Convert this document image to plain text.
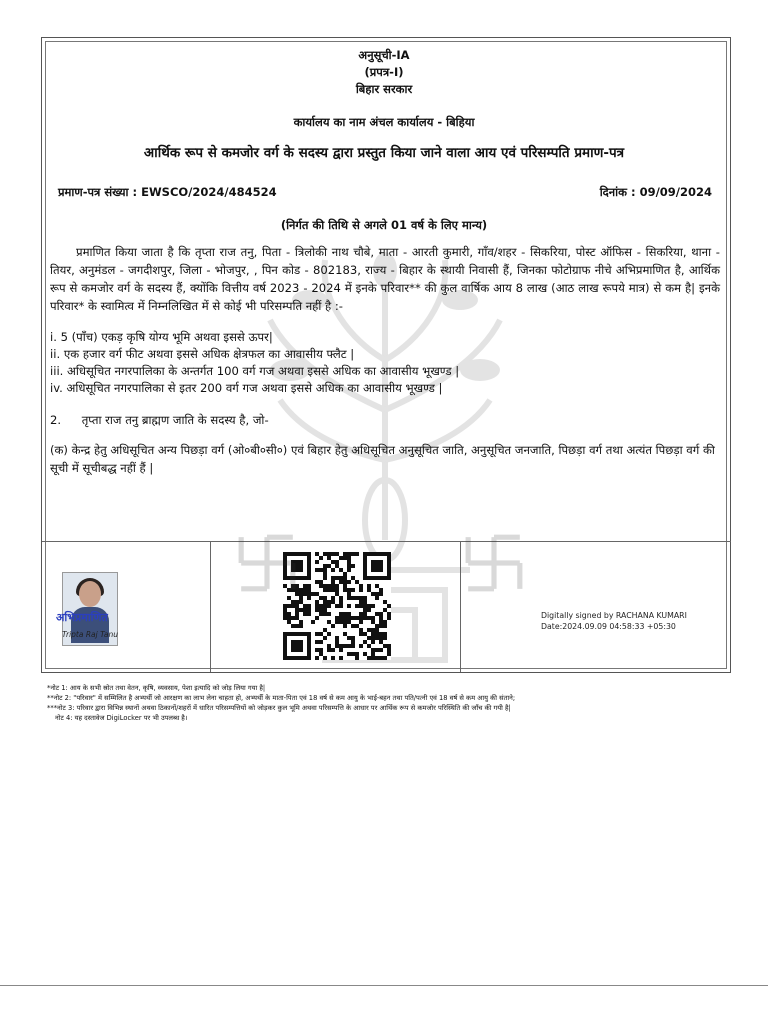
अनुसूची-IA
(प्रपत्र-I)
बिहार सरकार
कार्यालय का नाम अंचल कार्यालय - बिहिया
आर्थिक रूप से कमजोर वर्ग के सदस्य द्वारा प्रस्तुत किया जाने वाला आय एवं परिसम्पति प्रमाण-पत्र
प्रमाण-पत्र संख्या : EWSCO/2024/484524	दिनांक : 09/09/2024
(निर्गत की तिथि से अगले 01 वर्ष के लिए मान्य)
प्रमाणित किया जाता है कि तृप्ता राज तनु, पिता - त्रिलोकी नाथ चौबे, माता - आरती कुमारी, गाँव/शहर - सिकरिया, पोस्ट ऑफिस - सिकरिया, थाना - तियर, अनुमंडल - जगदीशपुर, जिला - भोजपुर, , पिन कोड - 802183, राज्य - बिहार के स्थायी निवासी हैं, जिनका फोटोग्राफ नीचे अभिप्रमाणित है, आर्थिक रूप से कमजोर वर्ग के सदस्य हैं, क्योंकि वित्तीय वर्ष 2023 - 2024 में इनके परिवार** की कुल वार्षिक आय 8 लाख (आठ लाख रूपये मात्र) से कम है| इनके परिवार* के स्वामित्व में निम्नलिखित में से कोई भी परिसम्पति नहीं है :-
i. 5 (पाँच) एकड़ कृषि योग्य भूमि अथवा इससे ऊपर|
ii. एक हजार वर्ग फीट अथवा इससे अधिक क्षेत्रफल का आवासीय फ्लैट |
iii. अधिसूचित नगरपालिका के अन्तर्गत 100 वर्ग गज अथवा इससे अधिक का आवासीय भूखण्ड |
iv. अधिसूचित नगरपालिका से इतर 200 वर्ग गज अथवा इससे अधिक का आवासीय भूखण्ड |
2. तृप्ता राज तनु ब्राह्मण जाति के सदस्य है, जो-
(क) केन्द्र हेतु अधिसूचित अन्य पिछड़ा वर्ग (ओ०बी०सी०) एवं बिहार हेतु अधिसूचित अनुसूचित जाति, अनुसूचित जनजाति, पिछड़ा वर्ग तथा अत्यंत पिछड़ा वर्ग की सूची में सूचीबद्ध नहीं हैं |
अभिप्रमाणित
Tripta Raj Tanu
Digitally signed by RACHANA KUMARI
Date:2024.09.09 04:58:33 +05:30
*नोट 1: आय के सभी स्रोत तथा वेतन, कृषि, व्यवसाय, पेशा इत्यादि को जोड़ लिया गया है|
**नोट 2: "परिवार" में सम्मिलित है अभ्यर्थी जो आरक्षण का लाभ लेना चाहता हो, अभ्यर्थी के माता-पिता एवं 18 वर्ष से कम आयु के भाई-बहन तथा पति/पत्नी एवं 18 वर्ष से कम आयु की संताने;
***नोट 3: परिवार द्वारा विभिन्न स्थानों अथवा ठिकानों/शहरों में धारित परिसम्पत्तियों को जोड़कर कुल भूमि अथवा परिसम्पत्ति के आधार पर आर्थिक रूप से कमजोर परिस्थिति की जाँच की गयी है|
नोट 4: यह दस्तावेज DigiLocker पर भी उपलब्ध है।
